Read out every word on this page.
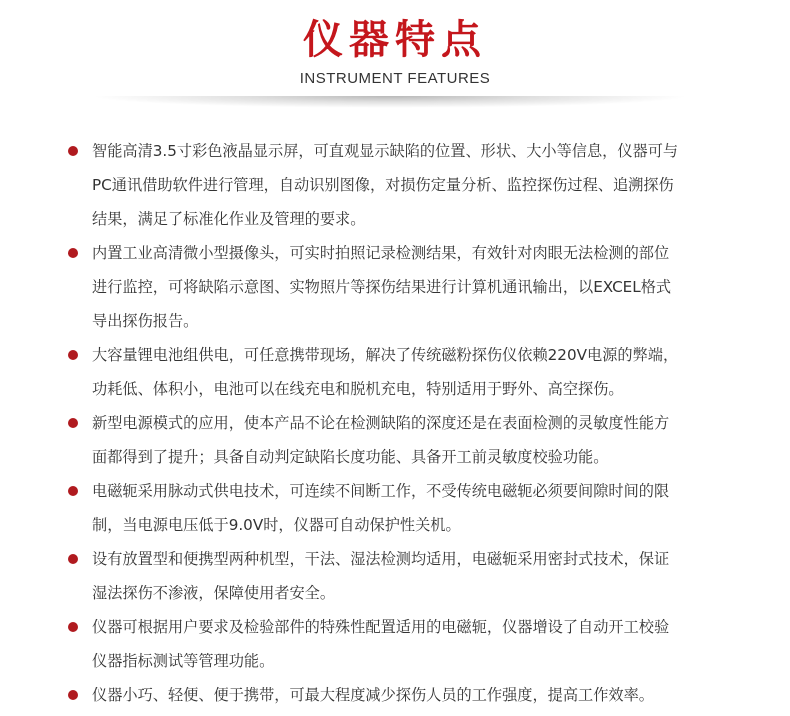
仪器特点
INSTRUMENT FEATURES
智能高清3.5寸彩色液晶显示屏，可直观显示缺陷的位置、形状、大小等信息，仪器可与
PC通讯借助软件进行管理，自动识别图像，对损伤定量分析、监控探伤过程、追溯探伤
结果，满足了标准化作业及管理的要求。
内置工业高清微小型摄像头，可实时拍照记录检测结果，有效针对肉眼无法检测的部位
进行监控，可将缺陷示意图、实物照片等探伤结果进行计算机通讯输出，以EXCEL格式
导出探伤报告。
大容量锂电池组供电，可任意携带现场，解决了传统磁粉探伤仪依赖220V电源的弊端，
功耗低、体积小，电池可以在线充电和脱机充电，特别适用于野外、高空探伤。
新型电源模式的应用，使本产品不论在检测缺陷的深度还是在表面检测的灵敏度性能方
面都得到了提升；具备自动判定缺陷长度功能、具备开工前灵敏度校验功能。
电磁轭采用脉动式供电技术，可连续不间断工作，不受传统电磁轭必须要间隙时间的限
制，当电源电压低于9.0V时，仪器可自动保护性关机。
设有放置型和便携型两种机型，干法、湿法检测均适用，电磁轭采用密封式技术，保证
湿法探伤不渗液，保障使用者安全。
仪器可根据用户要求及检验部件的特殊性配置适用的电磁轭，仪器增设了自动开工校验
仪器指标测试等管理功能。
仪器小巧、轻便、便于携带，可最大程度减少探伤人员的工作强度，提高工作效率。
